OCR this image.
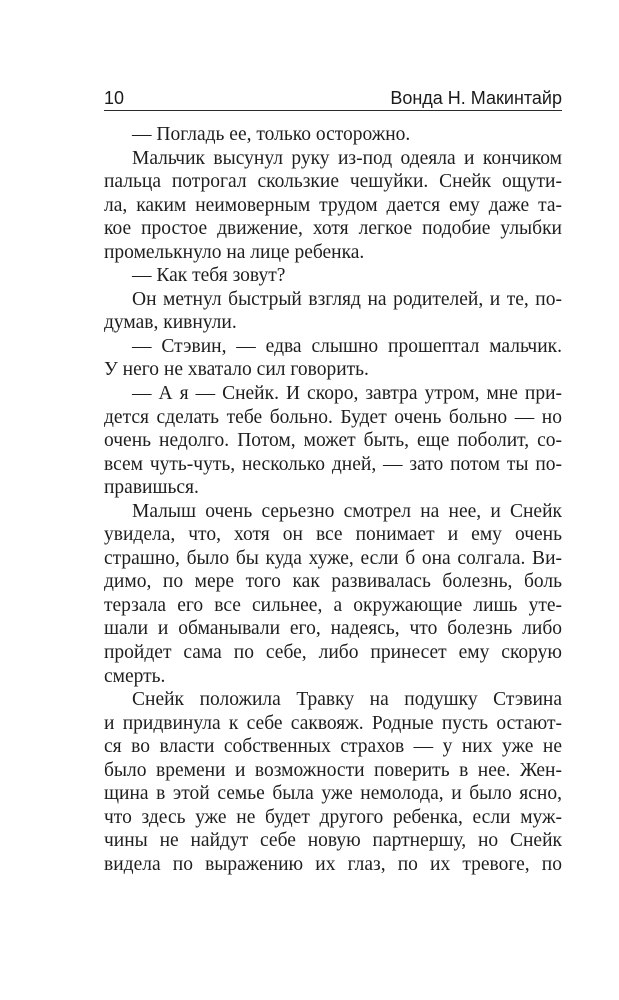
10	Вонда Н. Макинтайр
— Погладь ее, только осторожно.
Мальчик высунул руку из-под одеяла и кончиком
пальца потрогал скользкие чешуйки. Снейк ощути-
ла, каким неимоверным трудом дается ему даже та-
кое простое движение, хотя легкое подобие улыбки
промелькнуло на лице ребенка.
— Как тебя зовут?
Он метнул быстрый взгляд на родителей, и те, по-
думав, кивнули.
— Стэвин, — едва слышно прошептал мальчик.
У него не хватало сил говорить.
— А я — Снейк. И скоро, завтра утром, мне при-
дется сделать тебе больно. Будет очень больно — но
очень недолго. Потом, может быть, еще поболит, со-
всем чуть-чуть, несколько дней, — зато потом ты по-
правишься.
Малыш очень серьезно смотрел на нее, и Снейк
увидела, что, хотя он все понимает и ему очень
страшно, было бы куда хуже, если б она солгала. Ви-
димо, по мере того как развивалась болезнь, боль
терзала его все сильнее, а окружающие лишь уте-
шали и обманывали его, надеясь, что болезнь либо
пройдет сама по себе, либо принесет ему скорую
смерть.
Снейк положила Травку на подушку Стэвина
и придвинула к себе саквояж. Родные пусть остают-
ся во власти собственных страхов — у них уже не
было времени и возможности поверить в нее. Жен-
щина в этой семье была уже немолода, и было ясно,
что здесь уже не будет другого ребенка, если муж-
чины не найдут себе новую партнершу, но Снейк
видела по выражению их глаз, по их тревоге, по
